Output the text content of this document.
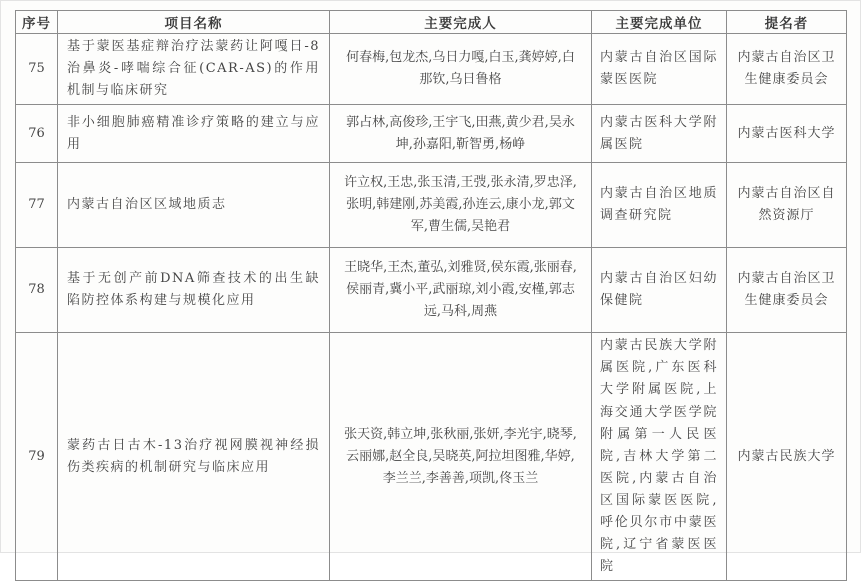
序号	项目名称	主要完成人	主要完成单位	提名者
75	基于蒙医基症辩治疗法蒙药让阿嘎日-8治鼻炎-哮喘综合征(CAR-AS)的作用机制与临床研究	何春梅,包龙杰,乌日力嘎,白玉,龚婷婷,白那钦,乌日鲁格	内蒙古自治区国际蒙医医院	内蒙古自治区卫生健康委员会
76	非小细胞肺癌精准诊疗策略的建立与应用	郭占林,高俊珍,王宇飞,田燕,黄少君,吴永坤,孙嘉阳,靳智勇,杨峥	内蒙古医科大学附属医院	内蒙古医科大学
77	内蒙古自治区区域地质志	许立权,王忠,张玉清,王弢,张永清,罗忠泽,张明,韩建刚,苏美霞,孙连云,康小龙,郭文军,曹生儒,吴艳君	内蒙古自治区地质调查研究院	内蒙古自治区自然资源厅
78	基于无创产前DNA筛查技术的出生缺陷防控体系构建与规模化应用	王晓华,王杰,董弘,刘雅贤,侯东霞,张丽春,侯丽青,冀小平,武丽琼,刘小霞,安槿,郭志远,马科,周燕	内蒙古自治区妇幼保健院	内蒙古自治区卫生健康委员会
79	蒙药古日古木-13治疗视网膜视神经损伤类疾病的机制研究与临床应用	张天资,韩立坤,张秋丽,张妍,李光宇,晓琴,云丽娜,赵全良,吴晓英,阿拉坦图雅,华婷,李兰兰,李善善,项凯,佟玉兰	内蒙古民族大学附属医院,广东医科大学附属医院,上海交通大学医学院附属第一人民医院,吉林大学第二医院,内蒙古自治区国际蒙医医院,呼伦贝尔市中蒙医院,辽宁省蒙医医院	内蒙古民族大学
